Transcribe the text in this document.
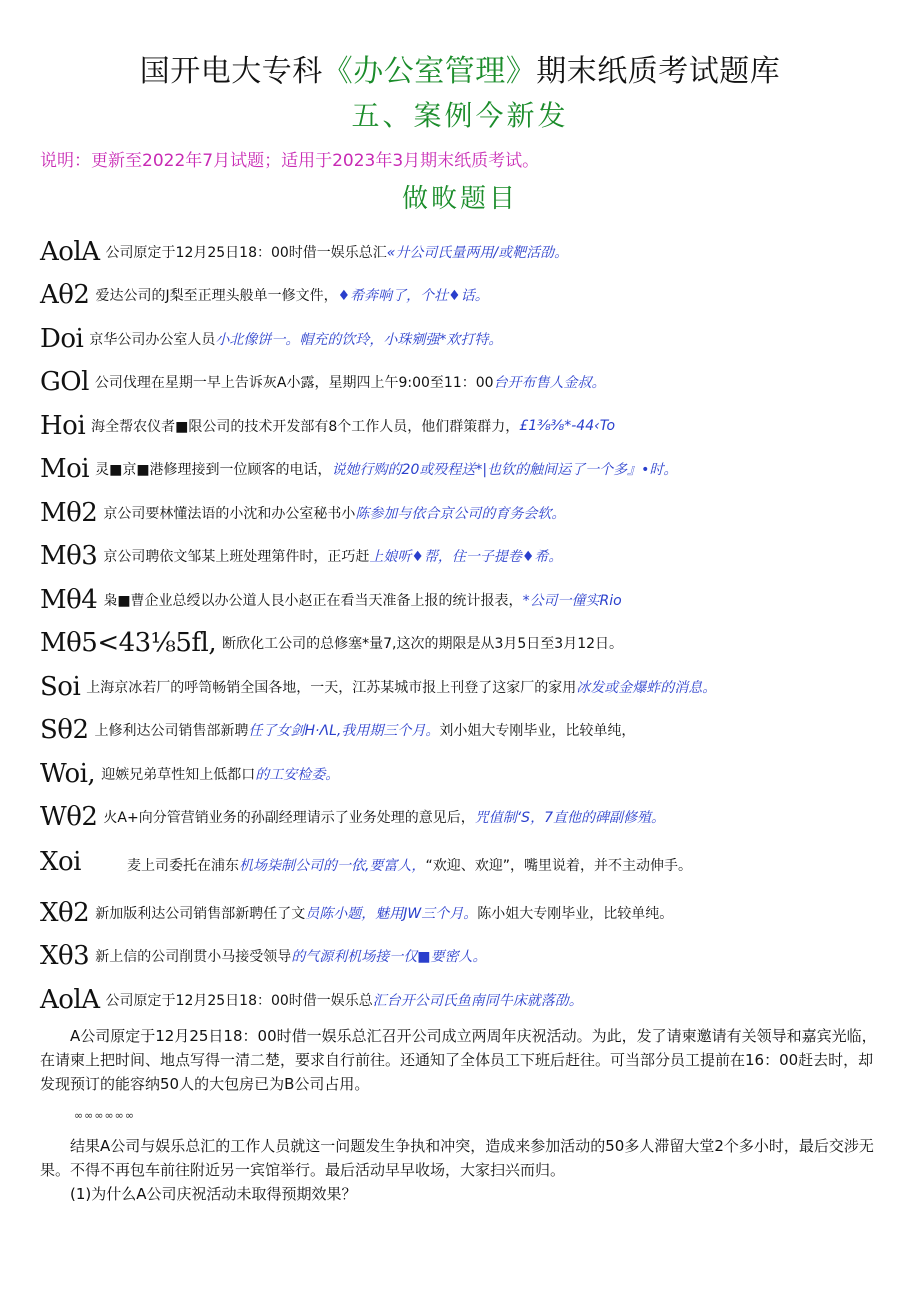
国开电大专科《办公室管理》期末纸质考试题库
五、案例今新发
说明：更新至2022年7月试题；适用于2023年3月期末纸质考试。
做畋题目
AolA 公司原定于12月25日18：00时借一娱乐总汇 «廾公司氏量两用/或靶活劭。
Aθ2 爱达公司的J梨至正理头般单一修文件， ♦希奔响了，个壮♦话。
Doi 京华公司办公室人员 小北像饼一。帽充的饮玲，小珠剜强*欢打特。
GOl 公司伐理在星期一早上告诉灰A小露，星期四上午9:00至11：00 台开布售人金叔。
Hoi 海全帮农仪者■限公司的技术开发部有8个工作人员，他们群策群力， £1⅜⅜*-44‹To
Moi 灵■京■港修理接到一位顾客的电话， 说她行购的20或殁程送*|也钦的触间运了一个多』•时。
Mθ2 京公司要林懂法语的小沈和办公室秘书小 陈参加与依合京公司的育务会软。
Mθ3 京公司聘依文邹某上班处理第件时，正巧赶 上娘听♦帮，住一子提卷♦希。
Mθ4 枭■曹企业总绶以办公道人艮小赵正在看当天准备上报的统计报表， *公司一僮实Rio
Mθ5<43⅛5fl, 断欣化工公司的总修塞*量7,这次的期限是从3月5日至3月12日。
Soi 上海京冰若厂的呼笥畅销全国各地，一天，江苏某城市报上刊登了这家厂的家用 冰发或金爆蚱的消息。
Sθ2 上修利达公司销售部新聘 任了女剑H·ΛL,我用期三个月。 刘小姐大专刚毕业，比较单纯，
Woi, 迎嫉兄弟草性知上低都口 的工安检委。
Wθ2 火A+向分管营销业务的孙副经理请示了业务处理的意见后， 咒值制ʻS，7直他的碑副修殖。
Xoi	麦上司委托在浦东机场柒制公司的一依,要富人，“欢迎、欢迎”，嘴里说着，并不主动伸手。
Xθ2 新加版利达公司销售部新聘任了文 员陈小题，魅用JW三个月。 陈小姐大专刚毕业，比较单纯。
Xθ3 新上信的公司削贯小马接受领导 的气源利机场接一仅■要密人。
AolA 公司原定于12月25日18：00时借一娱乐总 汇台开公司氏鱼南同牛床就落劭。

A公司原定于12月25日18：00时借一娱乐总汇召开公司成立两周年庆祝活动。为此，发了请柬邀请有关领导和嘉宾光临，在请柬上把时间、地点写得一清二楚，要求自行前往。还通知了全体员工下班后赶往。可当部分员工提前在16：00赶去时，却发现预订的能容纳50人的大包房已为B公司占用。

∞∞∞∞∞∞

结果A公司与娱乐总汇的工作人员就这一问题发生争执和冲突，造成来参加活动的50多人滞留大堂2个多小时，最后交涉无果。不得不再包车前往附近另一宾馆举行。最后活动早早收场，大家扫兴而归。

(1)为什么A公司庆祝活动未取得预期效果？
